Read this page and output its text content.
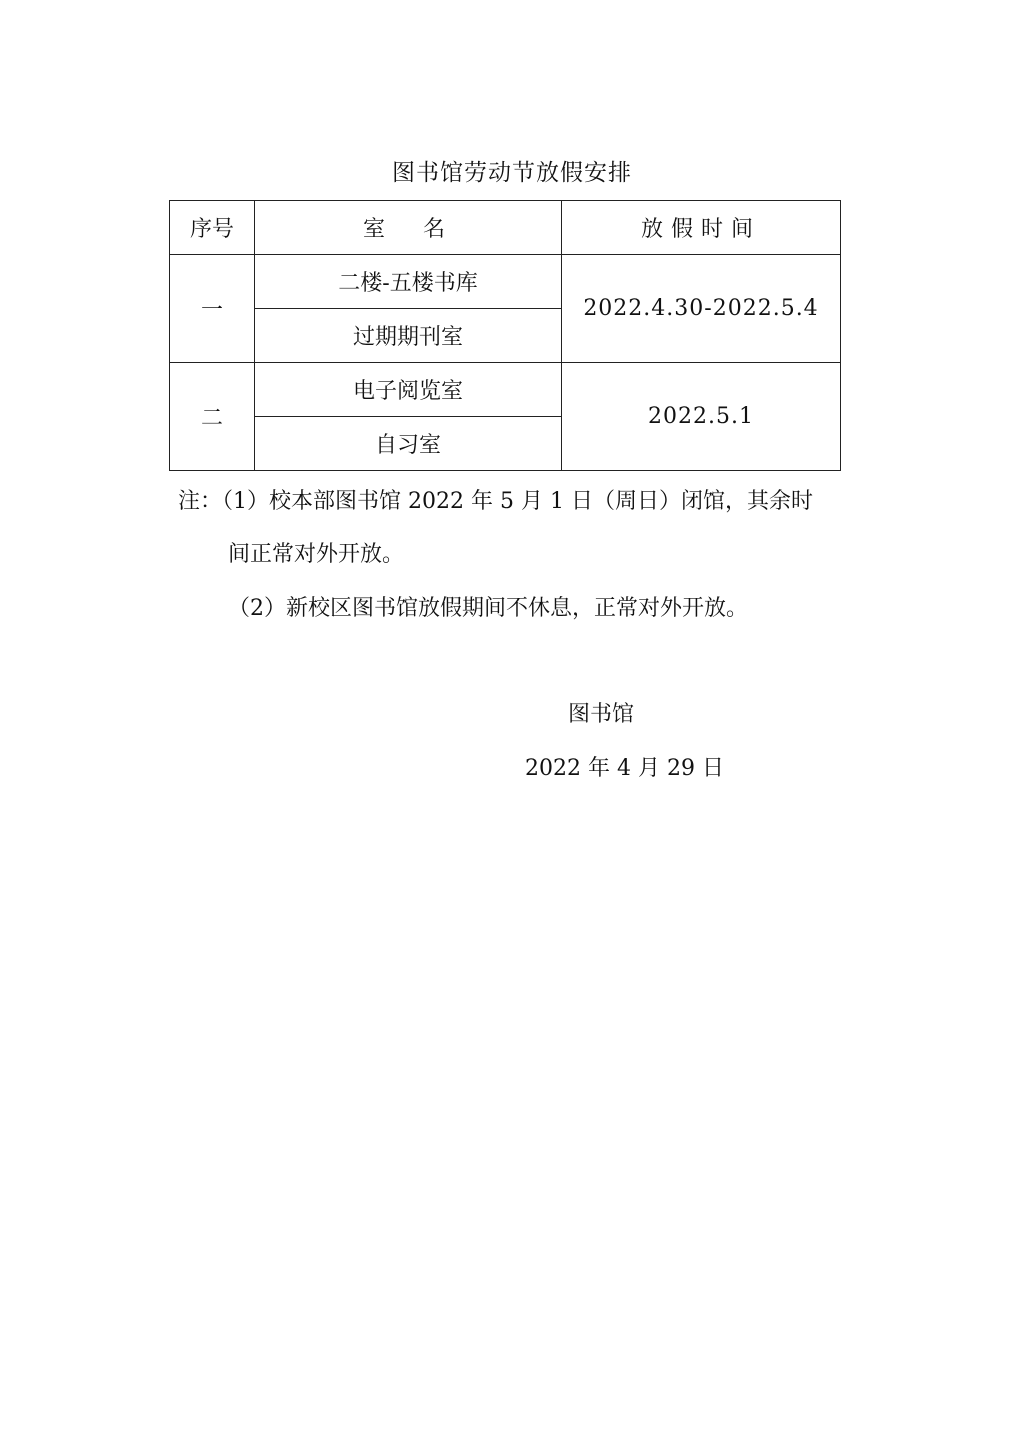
图书馆劳动节放假安排
序号	室　名	放假时间
一	二楼-五楼书库	2022.4.30-2022.5.4
	过期期刊室	
二	电子阅览室	2022.5.1
	自习室	
注：（1）校本部图书馆 2022 年 5 月 1 日（周日）闭馆，其余时
间正常对外开放。
（2）新校区图书馆放假期间不休息，正常对外开放。
图书馆
2022 年 4 月 29 日
